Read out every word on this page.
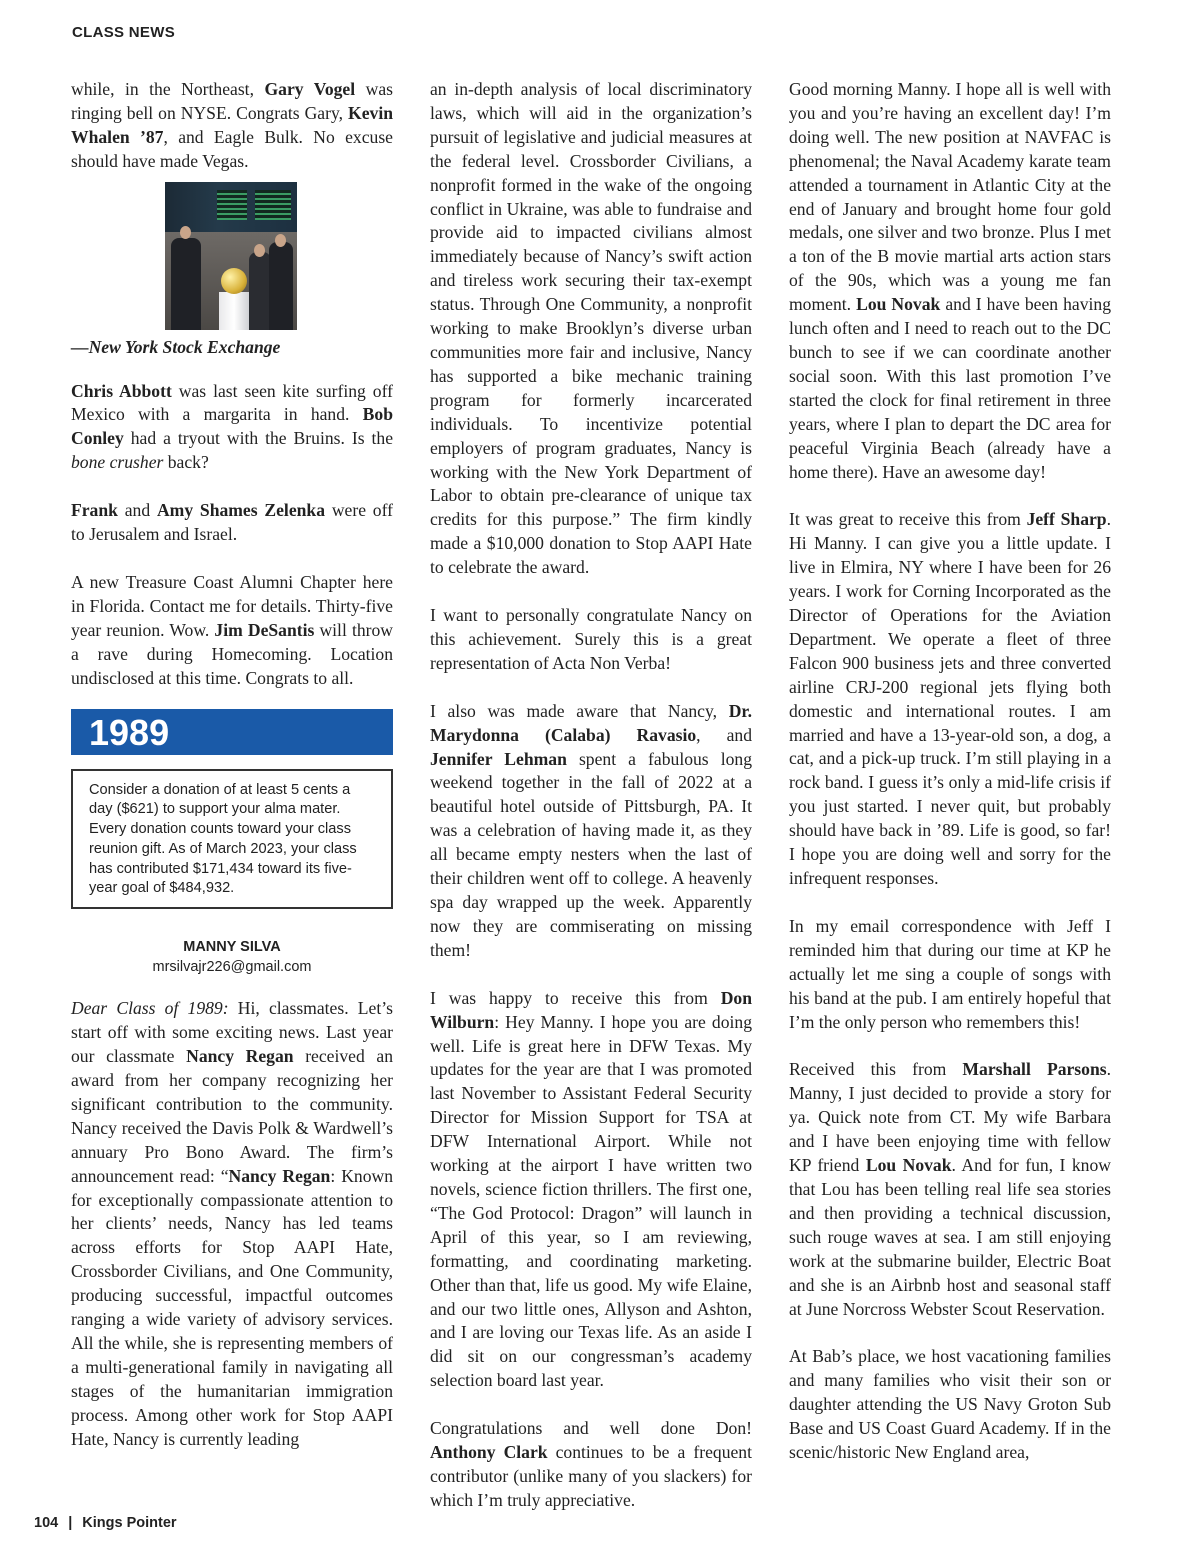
CLASS NEWS

while, in the Northeast, Gary Vogel was ringing bell on NYSE. Congrats Gary, Kevin Whalen ’87, and Eagle Bulk. No excuse should have made Vegas.

—New York Stock Exchange

Chris Abbott was last seen kite surfing off Mexico with a margarita in hand. Bob Conley had a tryout with the Bruins. Is the bone crusher back?

Frank and Amy Shames Zelenka were off to Jerusalem and Israel.

A new Treasure Coast Alumni Chapter here in Florida. Contact me for details. Thirty-five year reunion. Wow. Jim DeSantis will throw a rave during Homecoming. Location undisclosed at this time. Congrats to all.

1989
Consider a donation of at least 5 cents a day ($621) to support your alma mater. Every donation counts toward your class reunion gift. As of March 2023, your class has contributed $171,434 toward its five-year goal of $484,932.
MANNY SILVA
mrsilvajr226@gmail.com

Dear Class of 1989: Hi, classmates. Let’s start off with some exciting news. Last year our classmate Nancy Regan received an award from her company recognizing her significant contribution to the community. Nancy received the Davis Polk & Wardwell’s annuary Pro Bono Award. The firm’s announcement read: “Nancy Regan: Known for exceptionally compassionate attention to her clients’ needs, Nancy has led teams across efforts for Stop AAPI Hate, Crossborder Civilians, and One Community, producing successful, impactful outcomes ranging a wide variety of advisory services. All the while, she is representing members of a multi-generational family in navigating all stages of the humanitarian immigration process. Among other work for Stop AAPI Hate, Nancy is currently leading

an in-depth analysis of local discriminatory laws, which will aid in the organization’s pursuit of legislative and judicial measures at the federal level. Crossborder Civilians, a nonprofit formed in the wake of the ongoing conflict in Ukraine, was able to fundraise and provide aid to impacted civilians almost immediately because of Nancy’s swift action and tireless work securing their tax-exempt status. Through One Community, a nonprofit working to make Brooklyn’s diverse urban communities more fair and inclusive, Nancy has supported a bike mechanic training program for formerly incarcerated individuals. To incentivize potential employers of program graduates, Nancy is working with the New York Department of Labor to obtain pre-clearance of unique tax credits for this purpose.” The firm kindly made a $10,000 donation to Stop AAPI Hate to celebrate the award.

I want to personally congratulate Nancy on this achievement. Surely this is a great representation of Acta Non Verba!

I also was made aware that Nancy, Dr. Marydonna (Calaba) Ravasio, and Jennifer Lehman spent a fabulous long weekend together in the fall of 2022 at a beautiful hotel outside of Pittsburgh, PA. It was a celebration of having made it, as they all became empty nesters when the last of their children went off to college. A heavenly spa day wrapped up the week. Apparently now they are commiserating on missing them!

I was happy to receive this from Don Wilburn: Hey Manny. I hope you are doing well. Life is great here in DFW Texas. My updates for the year are that I was promoted last November to Assistant Federal Security Director for Mission Support for TSA at DFW International Airport. While not working at the airport I have written two novels, science fiction thrillers. The first one, “The God Protocol: Dragon” will launch in April of this year, so I am reviewing, formatting, and coordinating marketing. Other than that, life us good. My wife Elaine, and our two little ones, Allyson and Ashton, and I are loving our Texas life. As an aside I did sit on our congressman’s academy selection board last year.

Congratulations and well done Don! Anthony Clark continues to be a frequent contributor (unlike many of you slackers) for which I’m truly appreciative.

Good morning Manny. I hope all is well with you and you’re having an excellent day! I’m doing well. The new position at NAVFAC is phenomenal; the Naval Academy karate team attended a tournament in Atlantic City at the end of January and brought home four gold medals, one silver and two bronze. Plus I met a ton of the B movie martial arts action stars of the 90s, which was a young me fan moment. Lou Novak and I have been having lunch often and I need to reach out to the DC bunch to see if we can coordinate another social soon. With this last promotion I’ve started the clock for final retirement in three years, where I plan to depart the DC area for peaceful Virginia Beach (already have a home there). Have an awesome day!

It was great to receive this from Jeff Sharp. Hi Manny. I can give you a little update. I live in Elmira, NY where I have been for 26 years. I work for Corning Incorporated as the Director of Operations for the Aviation Department. We operate a fleet of three Falcon 900 business jets and three converted airline CRJ-200 regional jets flying both domestic and international routes. I am married and have a 13-year-old son, a dog, a cat, and a pick-up truck. I’m still playing in a rock band. I guess it’s only a mid-life crisis if you just started. I never quit, but probably should have back in ’89. Life is good, so far! I hope you are doing well and sorry for the infrequent responses.

In my email correspondence with Jeff I reminded him that during our time at KP he actually let me sing a couple of songs with his band at the pub. I am entirely hopeful that I’m the only person who remembers this!

Received this from Marshall Parsons. Manny, I just decided to provide a story for ya. Quick note from CT. My wife Barbara and I have been enjoying time with fellow KP friend Lou Novak. And for fun, I know that Lou has been telling real life sea stories and then providing a technical discussion, such rouge waves at sea. I am still enjoying work at the submarine builder, Electric Boat and she is an Airbnb host and seasonal staff at June Norcross Webster Scout Reservation.

At Bab’s place, we host vacationing families and many families who visit their son or daughter attending the US Navy Groton Sub Base and US Coast Guard Academy. If in the scenic/historic New England area,

104 | Kings Pointer
